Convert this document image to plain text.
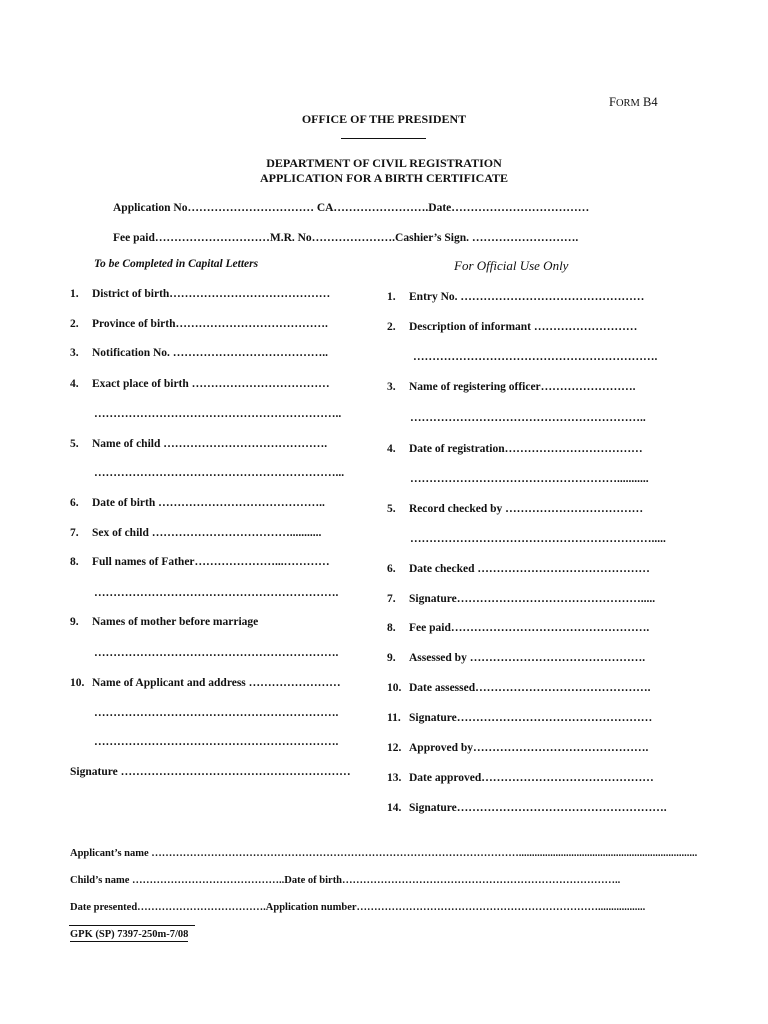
FORM B4
OFFICE OF THE PRESIDENT
DEPARTMENT OF CIVIL REGISTRATION
APPLICATION FOR A BIRTH CERTIFICATE
Application No…………………………… CA…………………….Date………………………………
Fee paid…………………………M.R. No………………….Cashier’s Sign. ……………………….
To be Completed in Capital Letters	For Official Use Only
1. District of birth……………………………………
2. Province of birth………………………………….
3. Notification No. …………………………………..
4. Exact place of birth ………………………………
………………………………………………………..
5. Name of child …………………………………….
………………………………………………………...
6. Date of birth ……………………………………..
7. Sex of child ………………………………...........
8. Full names of Father…………………...…………
……………………………………………………….
9. Names of mother before marriage
……………………………………………………….
10. Name of Applicant and address ……………………
……………………………………………………….
……………………………………………………….
Signature ……………………………………………………
1. Entry No. …………………………………………
2. Description of informant ………………………
……………………………………………………….
3. Name of registering officer…………………….
……………………………………………………..
4. Date of registration………………………………
………………………………………………...........
5. Record checked by ………………………………
……………………………………………………….....
6. Date checked ………………………………………
7. Signature………………………………………….....
8. Fee paid…………………………………………….
9. Assessed by ……………………………………….
10. Date assessed……………………………………….
11. Signature……………………………………………
12. Approved by……………………………………….
13. Date approved………………………………………
14. Signature……………………………………………….
Applicant’s name ……………………………………………………………………………………………....................................................................
Child’s name ……………………………………..Date of birth……………………………………………………………………..
Date presented……………………………….Application number……………………………………………………………..................
GPK (SP) 7397-250m-7/08
